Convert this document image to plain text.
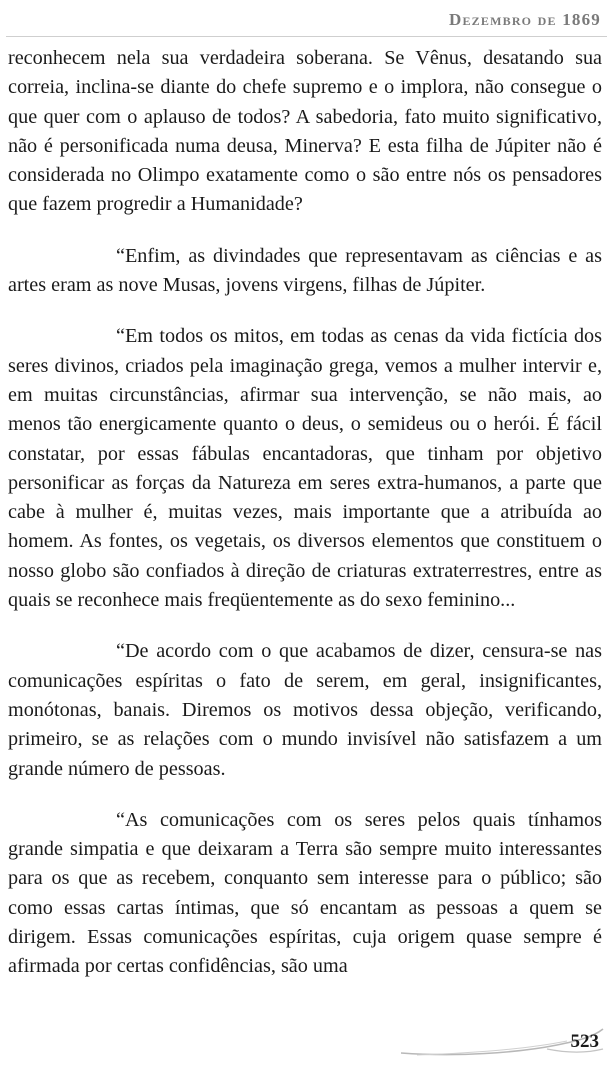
Dezembro de 1869

reconhecem nela sua verdadeira soberana. Se Vênus, desatando sua correia, inclina-se diante do chefe supremo e o implora, não consegue o que quer com o aplauso de todos? A sabedoria, fato muito significativo, não é personificada numa deusa, Minerva? E esta filha de Júpiter não é considerada no Olimpo exatamente como o são entre nós os pensadores que fazem progredir a Humanidade?

“Enfim, as divindades que representavam as ciências e as artes eram as nove Musas, jovens virgens, filhas de Júpiter.

“Em todos os mitos, em todas as cenas da vida fictícia dos seres divinos, criados pela imaginação grega, vemos a mulher intervir e, em muitas circunstâncias, afirmar sua intervenção, se não mais, ao menos tão energicamente quanto o deus, o semideus ou o herói. É fácil constatar, por essas fábulas encantadoras, que tinham por objetivo personificar as forças da Natureza em seres extra-humanos, a parte que cabe à mulher é, muitas vezes, mais importante que a atribuída ao homem. As fontes, os vegetais, os diversos elementos que constituem o nosso globo são confiados à direção de criaturas extraterrestres, entre as quais se reconhece mais freqüentemente as do sexo feminino...

“De acordo com o que acabamos de dizer, censura-se nas comunicações espíritas o fato de serem, em geral, insignificantes, monótonas, banais. Diremos os motivos dessa objeção, verificando, primeiro, se as relações com o mundo invisível não satisfazem a um grande número de pessoas.

“As comunicações com os seres pelos quais tínhamos grande simpatia e que deixaram a Terra são sempre muito interessantes para os que as recebem, conquanto sem interesse para o público; são como essas cartas íntimas, que só encantam as pessoas a quem se dirigem. Essas comunicações espíritas, cuja origem quase sempre é afirmada por certas confidências, são uma

523
